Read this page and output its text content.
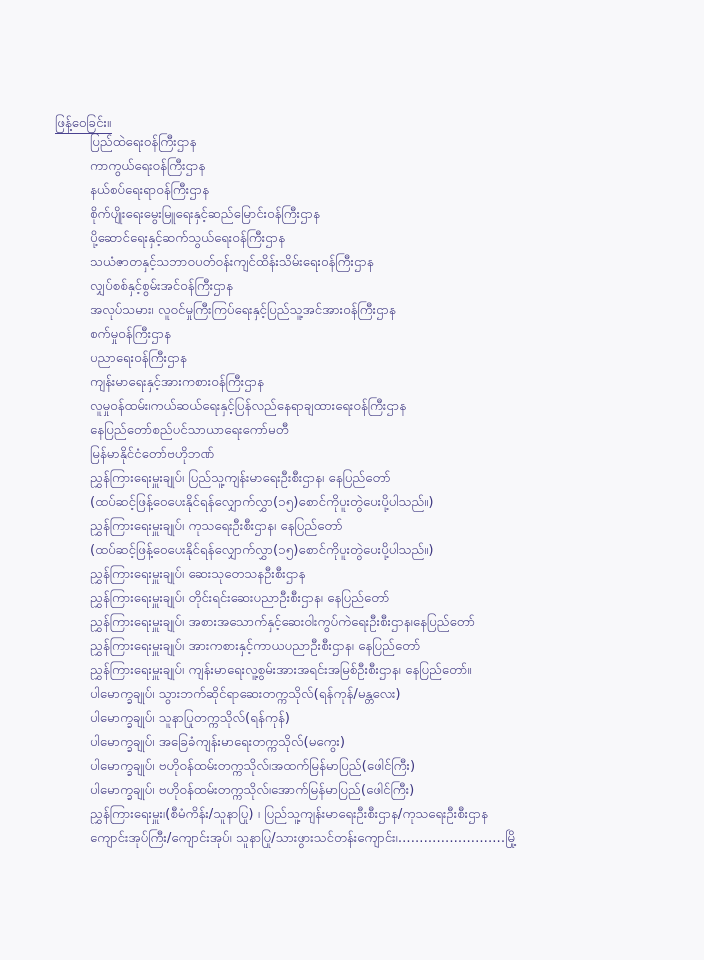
ဖြန့်ဝေခြင်း။
ပြည်ထဲရေးဝန်ကြီးဌာန
ကာကွယ်ရေးဝန်ကြီးဌာန
နယ်စပ်ရေးရာဝန်ကြီးဌာန
စိုက်ပျိုးရေးမွေးမြူရေးနှင့်ဆည်မြောင်းဝန်ကြီးဌာန
ပို့ဆောင်ရေးနှင့်ဆက်သွယ်ရေးဝန်ကြီးဌာန
သယံဇာတနှင့်သဘာဝပတ်ဝန်းကျင်ထိန်းသိမ်းရေးဝန်ကြီးဌာန
လျှပ်စစ်နှင့်စွမ်းအင်ဝန်ကြီးဌာန
အလုပ်သမား၊ လူဝင်မှုကြီးကြပ်ရေးနှင့်ပြည်သူ့အင်အားဝန်ကြီးဌာန
စက်မှုဝန်ကြီးဌာန
ပညာရေးဝန်ကြီးဌာန
ကျန်းမာရေးနှင့်အားကစားဝန်ကြီးဌာန
လူမှုဝန်ထမ်း၊ကယ်ဆယ်ရေးနှင့်ပြန်လည်နေရာချထားရေးဝန်ကြီးဌာန
နေပြည်တော်စည်ပင်သာယာရေးကော်မတီ
မြန်မာနိုင်ငံတော်ဗဟိုဘဏ်
ညွှန်ကြားရေးမှူးချုပ်၊ ပြည်သူ့ကျန်းမာရေးဦးစီးဌာန၊ နေပြည်တော်
(ထပ်ဆင့်ဖြန့်ဝေပေးနိုင်ရန်လျှောက်လွှာ(၁၅)စောင်ကိုပူးတွဲပေးပို့ပါသည်။)
ညွှန်ကြားရေးမှူးချုပ်၊ ကုသရေးဦးစီးဌာန၊ နေပြည်တော်
(ထပ်ဆင့်ဖြန့်ဝေပေးနိုင်ရန်လျှောက်လွှာ(၁၅)စောင်ကိုပူးတွဲပေးပို့ပါသည်။)
ညွှန်ကြားရေးမှူးချုပ်၊ ဆေးသုတေသနဦးစီးဌာန
ညွှန်ကြားရေးမှူးချုပ်၊ တိုင်းရင်းဆေးပညာဦးစီးဌာန၊ နေပြည်တော်
ညွှန်ကြားရေးမှူးချုပ်၊ အစားအသောက်နှင့်ဆေးဝါးကွပ်ကဲရေးဦးစီးဌာန၊နေပြည်တော်
ညွှန်ကြားရေးမှူးချုပ်၊ အားကစားနှင့်ကာယပညာဦးစီးဌာန၊ နေပြည်တော်
ညွှန်ကြားရေးမှူးချုပ်၊ ကျန်းမာရေးလူ့စွမ်းအားအရင်းအမြစ်ဦးစီးဌာန၊ နေပြည်တော်။
ပါမောက္ခချုပ်၊ သွားဘက်ဆိုင်ရာဆေးတက္ကသိုလ်(ရန်ကုန်/မန္တလေး)
ပါမောက္ခချုပ်၊ သူနာပြုတက္ကသိုလ်(ရန်ကုန်)
ပါမောက္ခချုပ်၊ အခြေခံကျန်းမာရေးတက္ကသိုလ်(မကွေး)
ပါမောက္ခချုပ်၊ ဗဟိုဝန်ထမ်းတက္ကသိုလ်၊အထက်မြန်မာပြည်(ဖေါင်ကြီး)
ပါမောက္ခချုပ်၊ ဗဟိုဝန်ထမ်းတက္ကသိုလ်၊အောက်မြန်မာပြည်(ဖေါင်ကြီး)
ညွှန်ကြားရေးမှူး၊(စီမံကိန်း/သူနာပြု) ၊ ပြည်သူ့ကျန်းမာရေးဦးစီးဌာန/ကုသရေးဦးစီးဌာန
ကျောင်းအုပ်ကြီး/ကျောင်းအုပ်၊ သူနာပြု/သားဖွားသင်တန်းကျောင်း၊.........................မြို့
